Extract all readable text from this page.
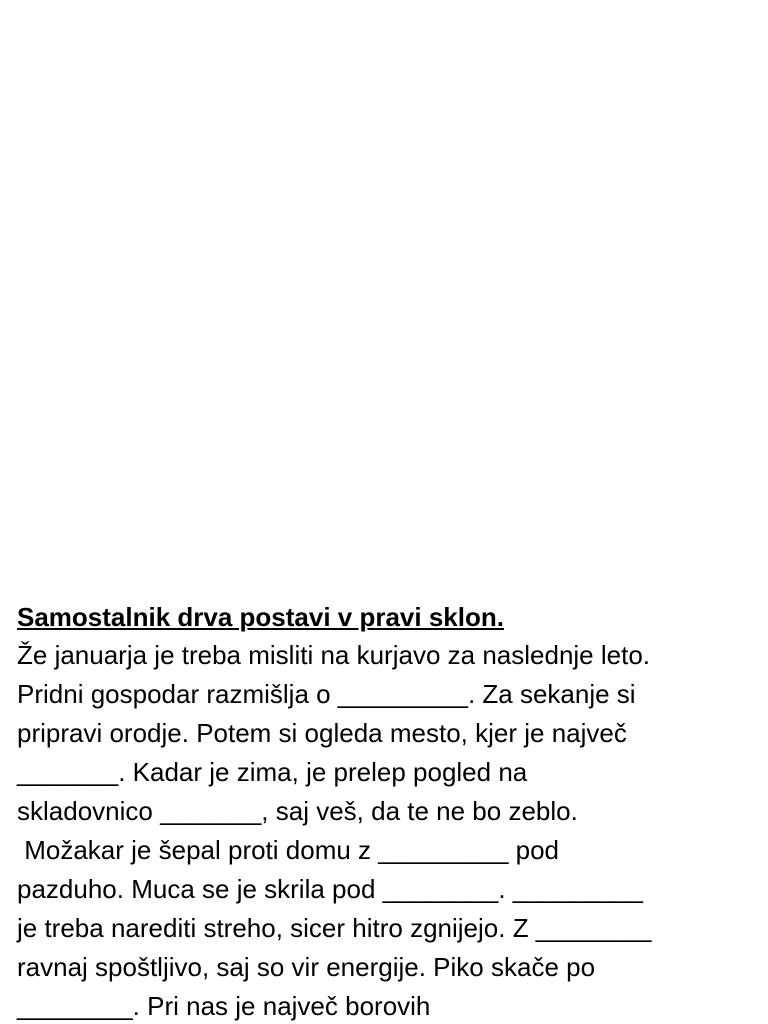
Samostalnik drva postavi v pravi sklon.

Že januarja je treba misliti na kurjavo za naslednje leto.

Pridni gospodar razmišlja o _________. Za sekanje si

pripravi orodje. Potem si ogleda mesto, kjer je največ

_______. Kadar je zima, je prelep pogled na

skladovnico _______, saj veš, da te ne bo zeblo.

Možakar je šepal proti domu z _________ pod

pazduho. Muca se je skrila pod ________. _________

je treba narediti streho, sicer hitro zgnijejo. Z ________

ravnaj spoštljivo, saj so vir energije. Piko skače po

________. Pri nas je največ borovih
